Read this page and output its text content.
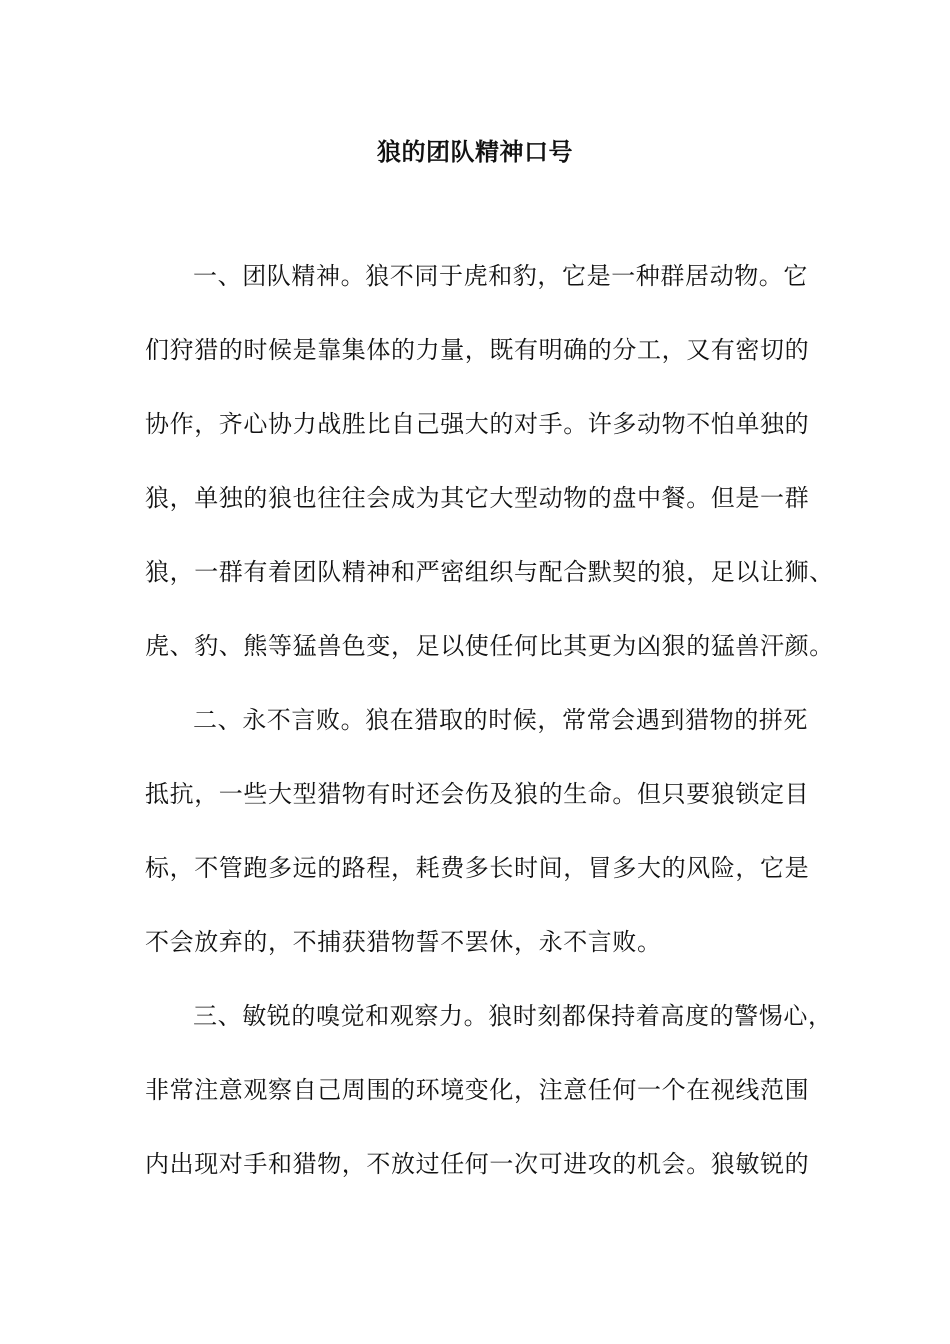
狼的团队精神口号
一、团队精神。狼不同于虎和豹，它是一种群居动物。它
们狩猎的时候是靠集体的力量，既有明确的分工，又有密切的
协作，齐心协力战胜比自己强大的对手。许多动物不怕单独的
狼，单独的狼也往往会成为其它大型动物的盘中餐。但是一群
狼，一群有着团队精神和严密组织与配合默契的狼，足以让狮、
虎、豹、熊等猛兽色变，足以使任何比其更为凶狠的猛兽汗颜。
二、永不言败。狼在猎取的时候，常常会遇到猎物的拼死
抵抗，一些大型猎物有时还会伤及狼的生命。但只要狼锁定目
标，不管跑多远的路程，耗费多长时间，冒多大的风险，它是
不会放弃的，不捕获猎物誓不罢休，永不言败。
三、敏锐的嗅觉和观察力。狼时刻都保持着高度的警惕心，
非常注意观察自己周围的环境变化，注意任何一个在视线范围
内出现对手和猎物，不放过任何一次可进攻的机会。狼敏锐的
